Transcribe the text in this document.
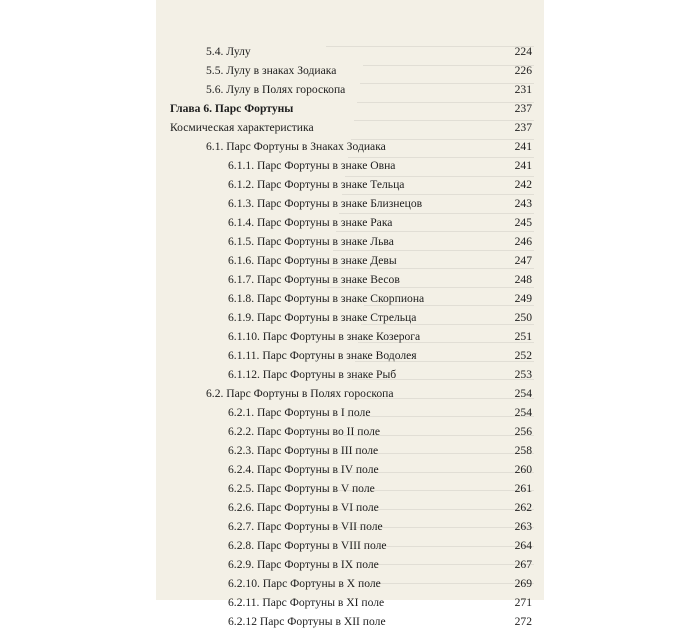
5.4. Лулу	224
5.5. Лулу в знаках Зодиака	226
5.6. Лулу в Полях гороскопа	231
Глава 6. Парс Фортуны	237
Космическая характеристика	237
6.1. Парс Фортуны в Знаках Зодиака	241
6.1.1. Парс Фортуны в знаке Овна	241
6.1.2. Парс Фортуны в знаке Тельца	242
6.1.3. Парс Фортуны в знаке Близнецов	243
6.1.4. Парс Фортуны в знаке Рака	245
6.1.5. Парс Фортуны в знаке Льва	246
6.1.6. Парс Фортуны в знаке Девы	247
6.1.7. Парс Фортуны в знаке Весов	248
6.1.8. Парс Фортуны в знаке Скорпиона	249
6.1.9. Парс Фортуны в знаке Стрельца	250
6.1.10. Парс Фортуны в знаке Козерога	251
6.1.11. Парс Фортуны в знаке Водолея	252
6.1.12. Парс Фортуны в знаке Рыб	253
6.2. Парс Фортуны в Полях гороскопа	254
6.2.1. Парс Фортуны в I поле	254
6.2.2. Парс Фортуны во II поле	256
6.2.3. Парс Фортуны в III поле	258
6.2.4. Парс Фортуны в IV поле	260
6.2.5. Парс Фортуны в V поле	261
6.2.6. Парс Фортуны в VI поле	262
6.2.7. Парс Фортуны в VII поле	263
6.2.8. Парс Фортуны в VIII поле	264
6.2.9. Парс Фортуны в IX поле	267
6.2.10. Парс Фортуны в X поле	269
6.2.11. Парс Фортуны в XI поле	271
6.2.12 Парс Фортуны в XII поле	272
